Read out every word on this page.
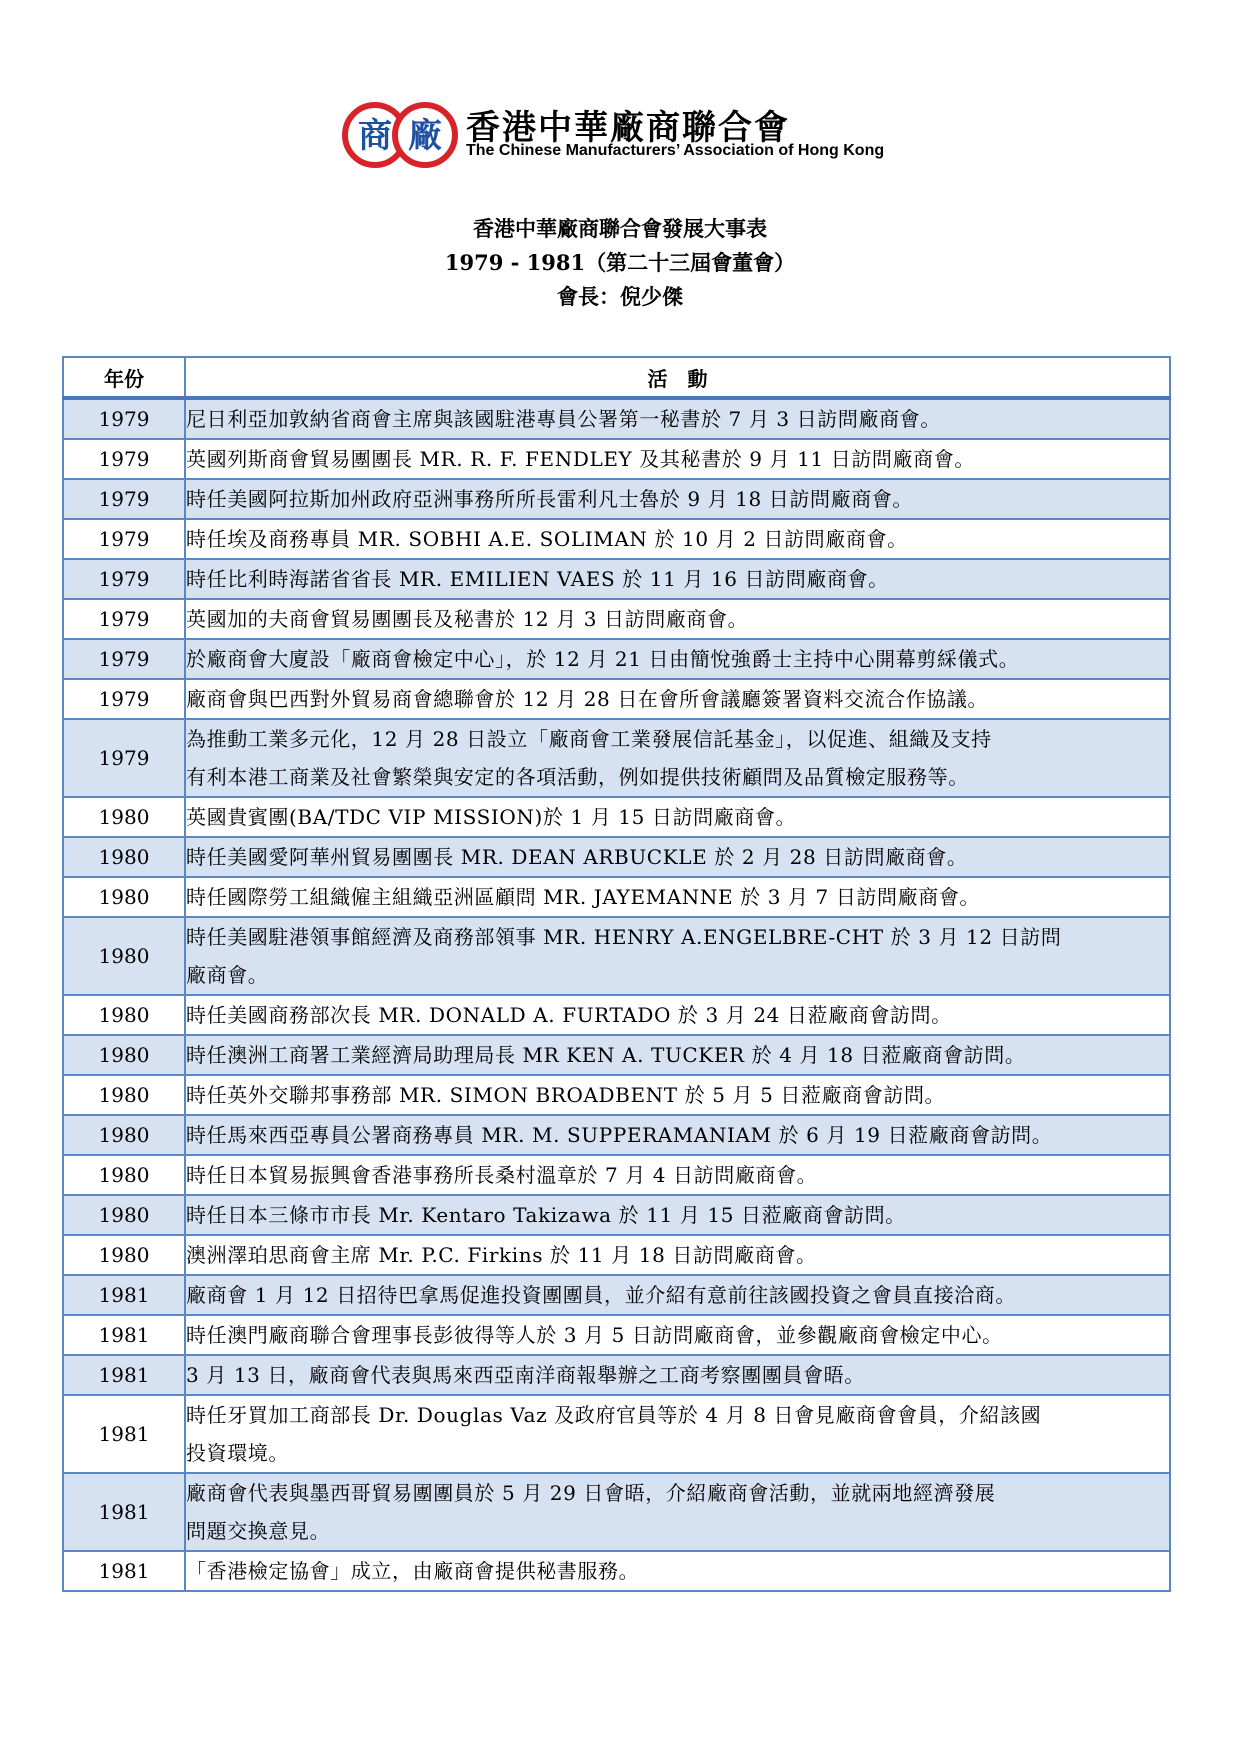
商 廠 香港中華廠商聯合會
The Chinese Manufacturers’ Association of Hong Kong
香港中華廠商聯合會發展大事表
1979 - 1981（第二十三屆會董會）
會長：倪少傑
年份	活　動
1979	尼日利亞加敦納省商會主席與該國駐港專員公署第一秘書於 7 月 3 日訪問廠商會。

1979	英國列斯商會貿易團團長 MR. R. F. FENDLEY 及其秘書於 9 月 11 日訪問廠商會。

1979	時任美國阿拉斯加州政府亞洲事務所所長雷利凡士魯於 9 月 18 日訪問廠商會。

1979	時任埃及商務專員 MR. SOBHI A.E. SOLIMAN 於 10 月 2 日訪問廠商會。

1979	時任比利時海諾省省長 MR. EMILIEN VAES 於 11 月 16 日訪問廠商會。

1979	英國加的夫商會貿易團團長及秘書於 12 月 3 日訪問廠商會。

1979	於廠商會大廈設「廠商會檢定中心」，於 12 月 21 日由簡悅強爵士主持中心開幕剪綵儀式。

1979	廠商會與巴西對外貿易商會總聯會於 12 月 28 日在會所會議廳簽署資料交流合作協議。

1979	為推動工業多元化，12 月 28 日設立「廠商會工業發展信託基金」，以促進、組織及支持
有利本港工商業及社會繁榮與安定的各項活動，例如提供技術顧問及品質檢定服務等。

1980	英國貴賓團(BA/TDC VIP MISSION)於 1 月 15 日訪問廠商會。

1980	時任美國愛阿華州貿易團團長 MR. DEAN ARBUCKLE 於 2 月 28 日訪問廠商會。

1980	時任國際勞工組織僱主組織亞洲區顧問 MR. JAYEMANNE 於 3 月 7 日訪問廠商會。

1980	時任美國駐港領事館經濟及商務部領事 MR. HENRY A.ENGELBRE-CHT 於 3 月 12 日訪問
廠商會。

1980	時任美國商務部次長 MR. DONALD A. FURTADO 於 3 月 24 日蒞廠商會訪問。

1980	時任澳洲工商署工業經濟局助理局長 MR KEN A. TUCKER 於 4 月 18 日蒞廠商會訪問。

1980	時任英外交聯邦事務部 MR. SIMON BROADBENT 於 5 月 5 日蒞廠商會訪問。

1980	時任馬來西亞專員公署商務專員 MR. M. SUPPERAMANIAM 於 6 月 19 日蒞廠商會訪問。

1980	時任日本貿易振興會香港事務所長桑村溫章於 7 月 4 日訪問廠商會。

1980	時任日本三條市市長 Mr. Kentaro Takizawa 於 11 月 15 日蒞廠商會訪問。

1980	澳洲澤珀思商會主席 Mr. P.C. Firkins 於 11 月 18 日訪問廠商會。

1981	廠商會 1 月 12 日招待巴拿馬促進投資團團員，並介紹有意前往該國投資之會員直接洽商。

1981	時任澳門廠商聯合會理事長彭彼得等人於 3 月 5 日訪問廠商會，並參觀廠商會檢定中心。

1981	3 月 13 日，廠商會代表與馬來西亞南洋商報舉辦之工商考察團團員會晤。

1981	時任牙買加工商部長 Dr. Douglas Vaz 及政府官員等於 4 月 8 日會見廠商會會員，介紹該國
投資環境。

1981	廠商會代表與墨西哥貿易團團員於 5 月 29 日會晤，介紹廠商會活動，並就兩地經濟發展
問題交換意見。

1981	「香港檢定協會」成立，由廠商會提供秘書服務。
